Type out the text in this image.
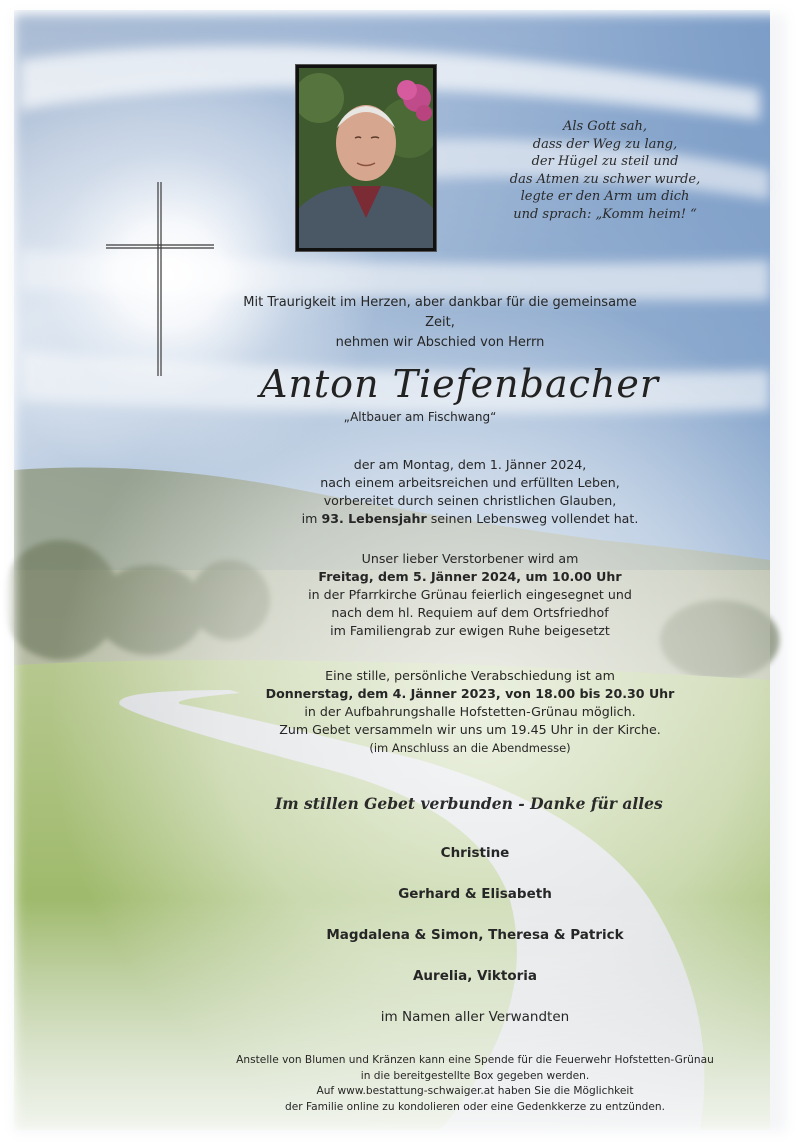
Als Gott sah,
dass der Weg zu lang,
der Hügel zu steil und
das Atmen zu schwer wurde,
legte er den Arm um dich
und sprach: „Komm heim! “
Mit Traurigkeit im Herzen, aber dankbar für die gemeinsame Zeit,
nehmen wir Abschied von Herrn
Anton Tiefenbacher
„Altbauer am Fischwang“
der am Montag, dem 1. Jänner 2024,
nach einem arbeitsreichen und erfüllten Leben,
vorbereitet durch seinen christlichen Glauben,
im 93. Lebensjahr seinen Lebensweg vollendet hat.
Unser lieber Verstorbener wird am
Freitag, dem 5. Jänner 2024, um 10.00 Uhr
in der Pfarrkirche Grünau feierlich eingesegnet und
nach dem hl. Requiem auf dem Ortsfriedhof
im Familiengrab zur ewigen Ruhe beigesetzt
Eine stille, persönliche Verabschiedung ist am
Donnerstag, dem 4. Jänner 2023, von 18.00 bis 20.30 Uhr
in der Aufbahrungshalle Hofstetten-Grünau möglich.
Zum Gebet versammeln wir uns um 19.45 Uhr in der Kirche.
(im Anschluss an die Abendmesse)
Im stillen Gebet verbunden - Danke für alles
Christine
Gerhard & Elisabeth
Magdalena & Simon, Theresa & Patrick
Aurelia, Viktoria
im Namen aller Verwandten
Anstelle von Blumen und Kränzen kann eine Spende für die Feuerwehr Hofstetten-Grünau
in die bereitgestellte Box gegeben werden.
Auf www.bestattung-schwaiger.at haben Sie die Möglichkeit
der Familie online zu kondolieren oder eine Gedenkkerze zu entzünden.
